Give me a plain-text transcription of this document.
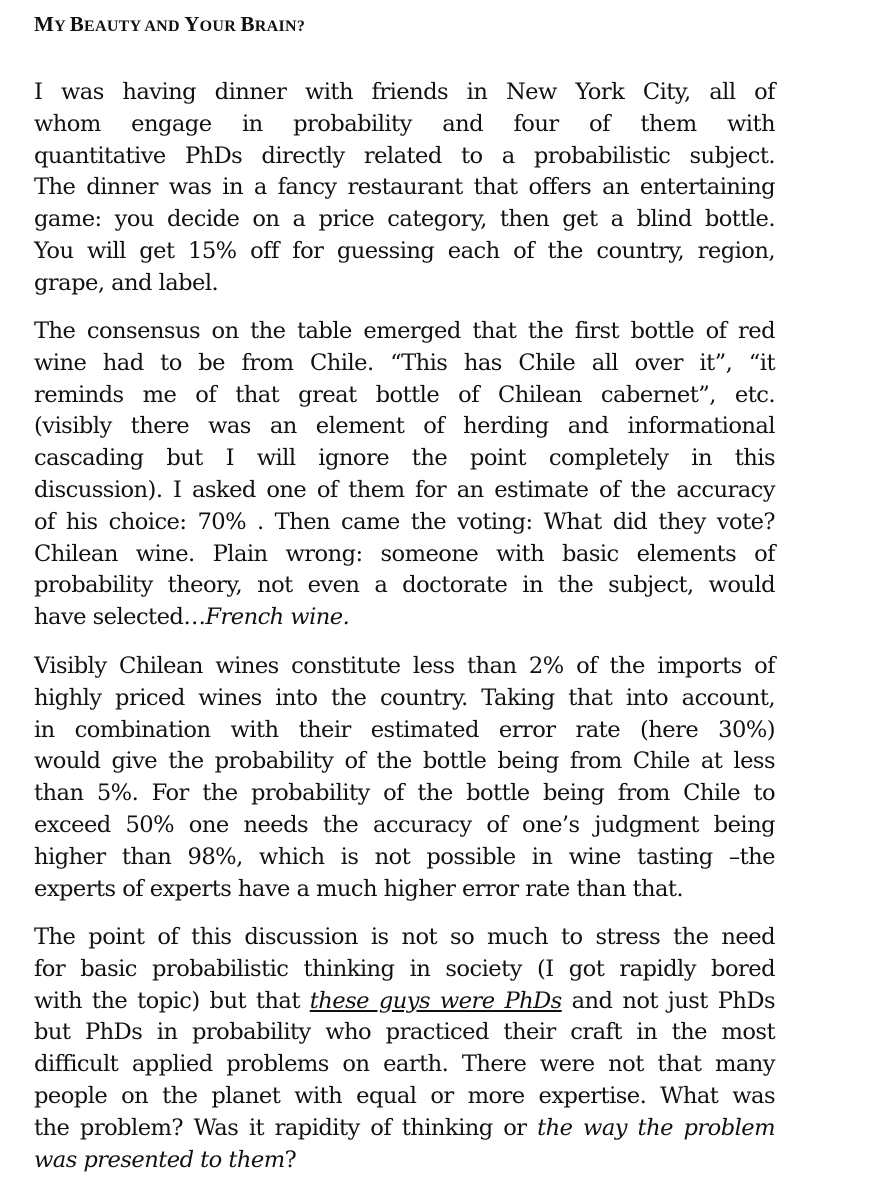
MY BEAUTY AND YOUR BRAIN?
I was having dinner with friends in New York City, all of
whom engage in probability and four of them with
quantitative PhDs directly related to a probabilistic subject.
The dinner was in a fancy restaurant that offers an entertaining
game: you decide on a price category, then get a blind bottle.
You will get 15% off for guessing each of the country, region,
grape, and label.
The consensus on the table emerged that the first bottle of red
wine had to be from Chile. “This has Chile all over it”, “it
reminds me of that great bottle of Chilean cabernet”, etc.
(visibly there was an element of herding and informational
cascading but I will ignore the point completely in this
discussion). I asked one of them for an estimate of the accuracy
of his choice: 70% . Then came the voting: What did they vote?
Chilean wine. Plain wrong: someone with basic elements of
probability theory, not even a doctorate in the subject, would
have selected…French wine.
Visibly Chilean wines constitute less than 2% of the imports of
highly priced wines into the country. Taking that into account,
in combination with their estimated error rate (here 30%)
would give the probability of the bottle being from Chile at less
than 5%. For the probability of the bottle being from Chile to
exceed 50% one needs the accuracy of one’s judgment being
higher than 98%, which is not possible in wine tasting –the
experts of experts have a much higher error rate than that.
The point of this discussion is not so much to stress the need
for basic probabilistic thinking in society (I got rapidly bored
with the topic) but that these guys were PhDs and not just PhDs
but PhDs in probability who practiced their craft in the most
difficult applied problems on earth. There were not that many
people on the planet with equal or more expertise. What was
the problem? Was it rapidity of thinking or the way the problem
was presented to them?
